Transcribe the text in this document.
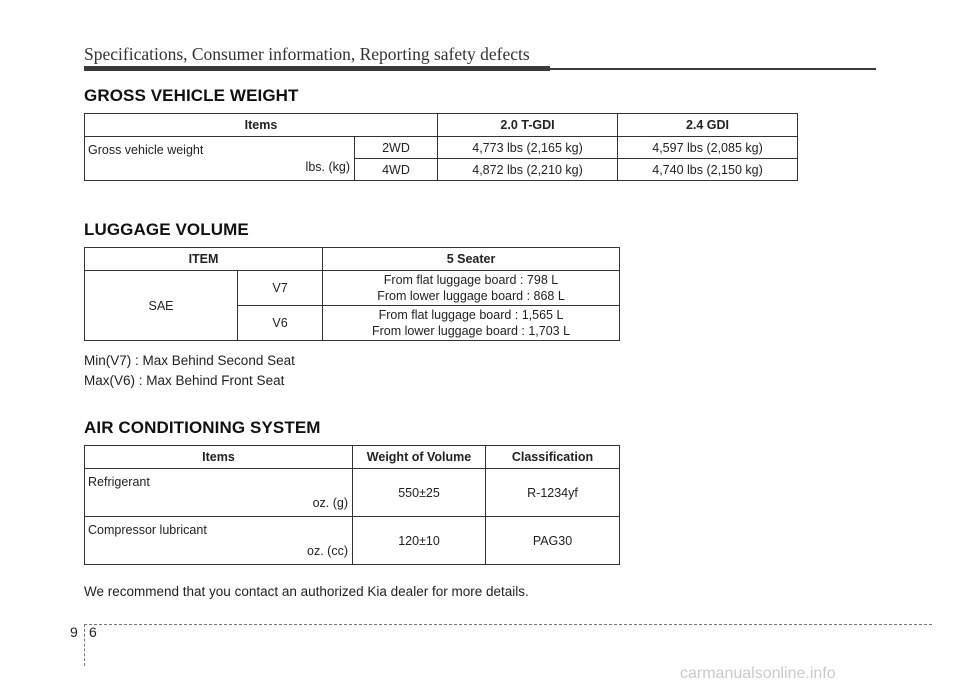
Specifications, Consumer information, Reporting safety defects
GROSS VEHICLE WEIGHT
Items		2.0 T-GDI	2.4 GDI

Gross vehicle weight
lbs. (kg)	2WD	4,773 lbs (2,165 kg)	4,597 lbs (2,085 kg)
	4WD	4,872 lbs (2,210 kg)	4,740 lbs (2,150 kg)
LUGGAGE VOLUME
ITEM		5 Seater
SAE	V7	From flat luggage board : 798 L
From lower luggage board : 868 L

	V6	From flat luggage board : 1,565 L
From lower luggage board : 1,703 L
Min(V7) : Max Behind Second Seat
Max(V6) : Max Behind Front Seat
AIR CONDITIONING SYSTEM
Items	Weight of Volume	Classification

Refrigerant
oz. (g)	550±25	R-1234yf

Compressor lubricant
oz. (cc)	120±10	PAG30
We recommend that you contact an authorized Kia dealer for more details.
9 6
carmanualsonline.info
